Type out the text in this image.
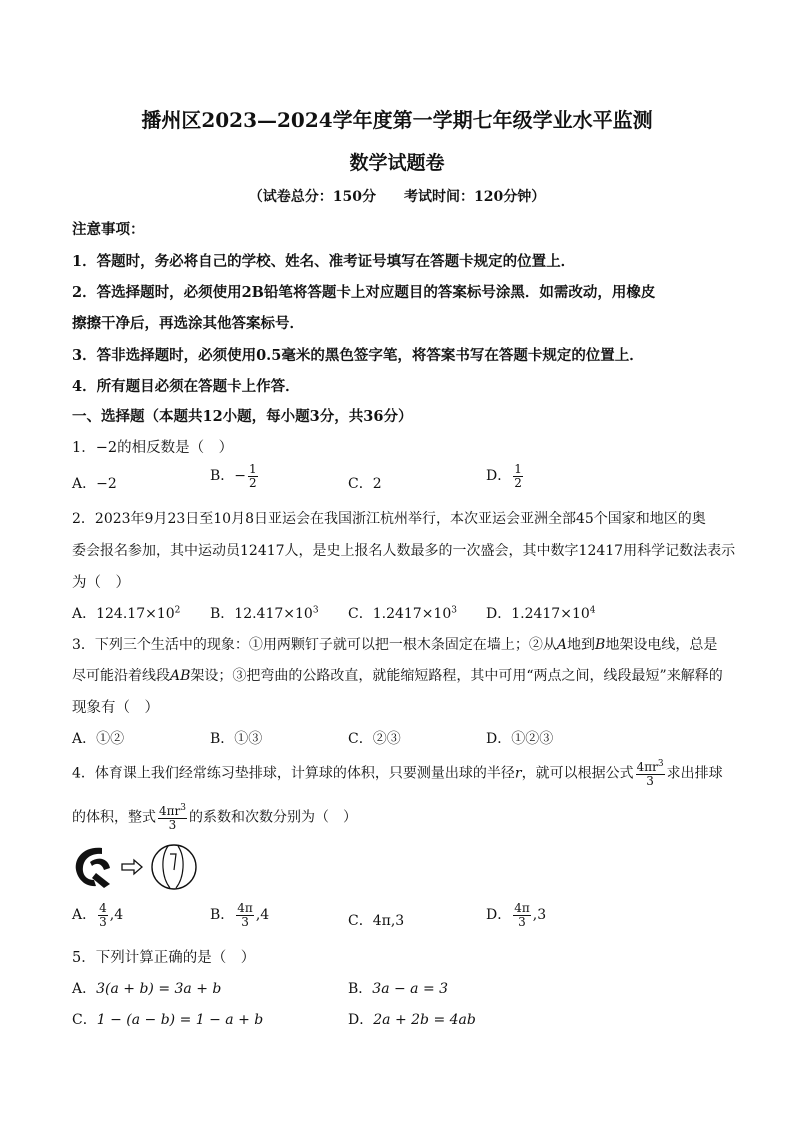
播州区2023—2024学年度第一学期七年级学业水平监测
数学试题卷
（试卷总分：150分　　考试时间：120分钟）
注意事项：
1．答题时，务必将自己的学校、姓名、准考证号填写在答题卡规定的位置上．
2．答选择题时，必须使用2B铅笔将答题卡上对应题目的答案标号涂黑．如需改动，用橡皮
擦擦干净后，再选涂其他答案标号．
3．答非选择题时，必须使用0.5毫米的黑色签字笔，将答案书写在答题卡规定的位置上．
4．所有题目必须在答题卡上作答．
一、选择题（本题共12小题，每小题3分，共36分）
1．−2的相反数是（　）
A．−2	B．− $\frac{1}{2}$	C．2	D． $\frac{1}{2}$
2．2023年9月23日至10月8日亚运会在我国浙江杭州举行，本次亚运会亚洲全部45个国家和地区的奥
委会报名参加，其中运动员12417人，是史上报名人数最多的一次盛会，其中数字12417用科学记数法表示
为（　）
A．$124.17\times 10^2$ B．$12.417\times 10^3$ C．$1.2417\times 10^3$ D．$1.2417\times 10^4$
3．下列三个生活中的现象：①用两颗钉子就可以把一根木条固定在墙上；②从A地到B地架设电线，总是
尽可能沿着线段AB架设；③把弯曲的公路改直，就能缩短路程，其中可用“两点之间，线段最短”来解释的
现象有（　）
A．①②	B．①③	C．②③	D．①②③
4．体育课上我们经常练习垫排球，计算球的体积，只要测量出球的半径r，就可以根据公式 $\frac{4\pi r^3}{3}$ 求出排球
的体积，整式 $\frac{4\pi r^3}{3}$ 的系数和次数分别为（　）
A． $\frac{4}{3} ,4$	B． $\frac{4\pi}{3} ,4$	C．4π,3	D． $\frac{4\pi}{3} ,3$
5．下列计算正确的是（　）
A．3(a + b) = 3a + b	B．3a − a = 3
C．1 − (a − b) = 1 − a + b	D．2a + 2b = 4ab
